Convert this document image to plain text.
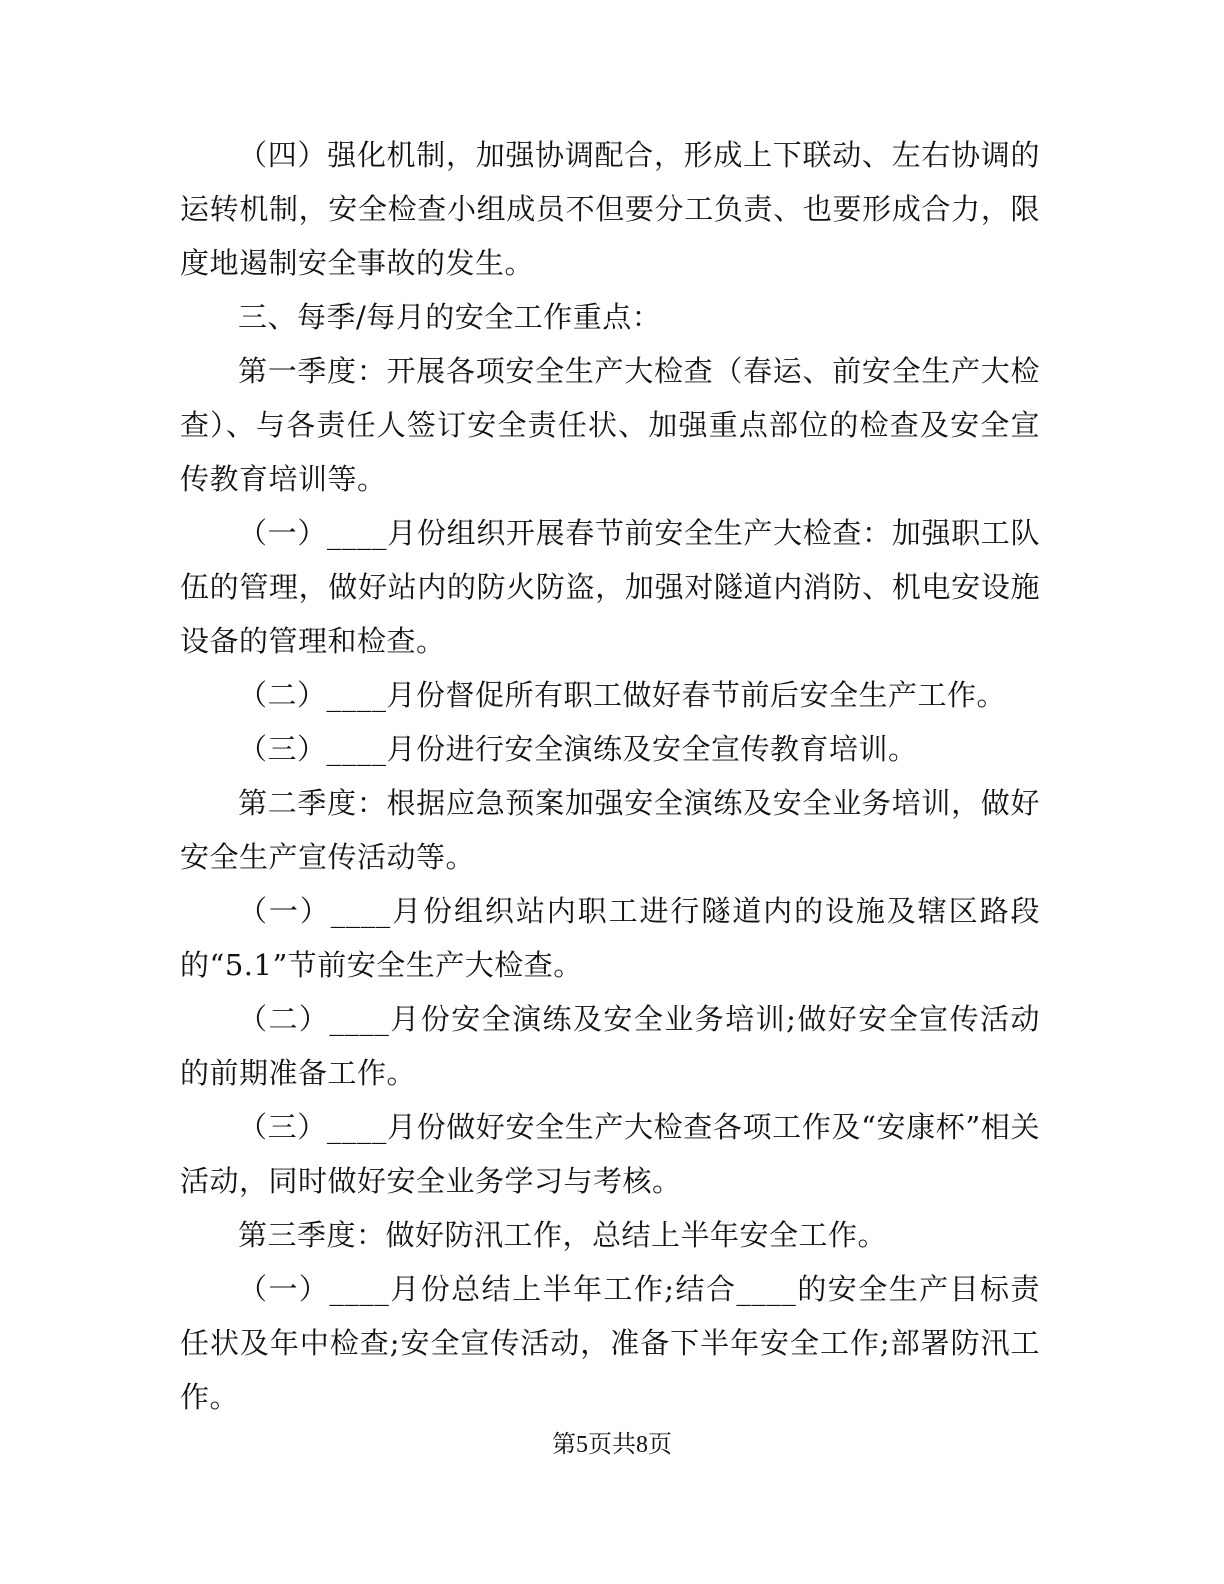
（四）强化机制，加强协调配合，形成上下联动、左右协调的运转机制，安全检查小组成员不但要分工负责、也要形成合力，限度地遏制安全事故的发生。

三、每季/每月的安全工作重点：

第一季度：开展各项安全生产大检查（春运、前安全生产大检查）、与各责任人签订安全责任状、加强重点部位的检查及安全宣传教育培训等。

（一）____月份组织开展春节前安全生产大检查：加强职工队伍的管理，做好站内的防火防盗，加强对隧道内消防、机电安设施设备的管理和检查。

（二）____月份督促所有职工做好春节前后安全生产工作。

（三）____月份进行安全演练及安全宣传教育培训。

第二季度：根据应急预案加强安全演练及安全业务培训，做好安全生产宣传活动等。

（一）____月份组织站内职工进行隧道内的设施及辖区路段的“5.1”节前安全生产大检查。

（二）____月份安全演练及安全业务培训;做好安全宣传活动的前期准备工作。

（三）____月份做好安全生产大检查各项工作及“安康杯”相关活动，同时做好安全业务学习与考核。

第三季度：做好防汛工作，总结上半年安全工作。

（一）____月份总结上半年工作;结合____的安全生产目标责任状及年中检查;安全宣传活动，准备下半年安全工作;部署防汛工作。

第5页共8页
